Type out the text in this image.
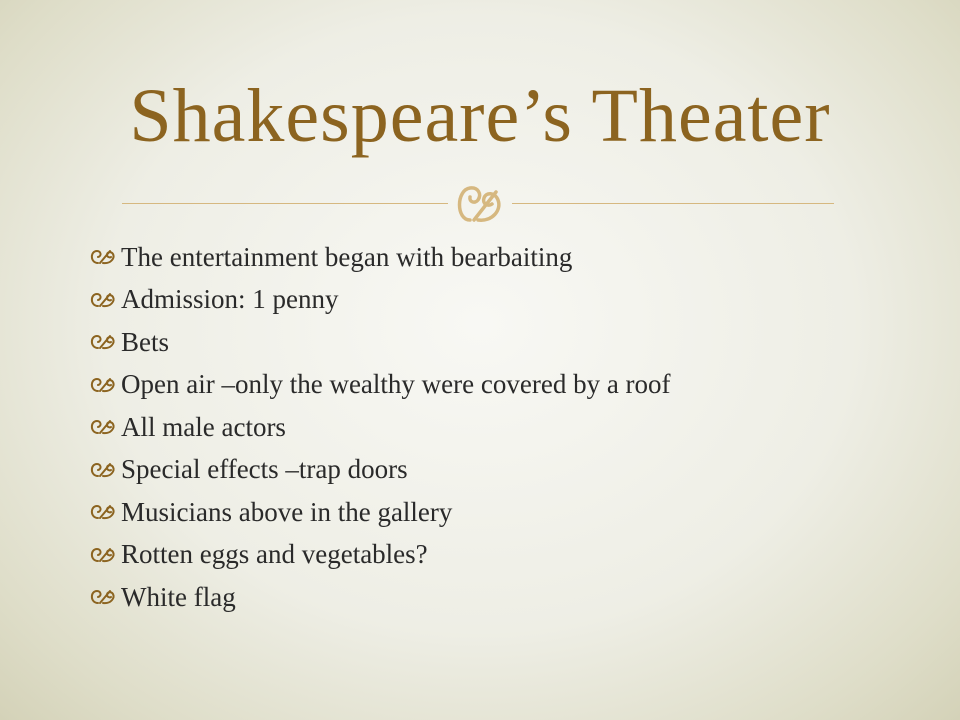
Shakespeare’s Theater
The entertainment began with bearbaiting
Admission: 1 penny
Bets
Open air –only the wealthy were covered by a roof
All male actors
Special effects –trap doors
Musicians above in the gallery
Rotten eggs and vegetables?
White flag
